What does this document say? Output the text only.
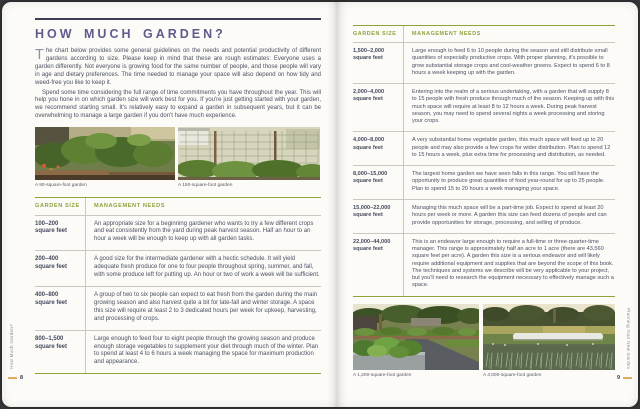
HOW MUCH GARDEN?

The chart below provides some general guidelines on the needs and potential productivity of different gardens according to size. Please keep in mind that these are rough estimates: Everyone uses a garden differently. Not everyone is growing food for the same number of people, and those people will vary in age and dietary preferences. The time needed to manage your space will also depend on how tidy and weed-free you like to keep it.

Spend some time considering the full range of time commitments you have throughout the year. This will help you hone in on which garden size will work best for you. If you're just getting started with your garden, we recommend starting small. It's relatively easy to expand a garden in subsequent years, but it can be overwhelming to manage a large garden if you don't have much experience.

A 90-square-foot garden	A 150-square-foot garden
GARDEN SIZE	MANAGEMENT NEEDS

100–200
square feet
	An appropriate size for a beginning gardener who wants to try a few different crops and eat consistently from the yard during peak harvest season. Half an hour to an hour a week will be enough to keep up with all garden tasks.

200–400
square feet
	A good size for the intermediate gardener with a hectic schedule. It will yield adequate fresh produce for one to four people throughout spring, summer, and fall, with some produce left for putting up. An hour or two of work a week will be sufficient.

400–800
square feet
	A group of two to six people can expect to eat fresh from the garden during the main growing season and also harvest quite a bit for late-fall and winter storage. A space this size will require at least 2 to 3 dedicated hours per week for upkeep, harvesting, and processing of crops.

800–1,500
square feet
	Large enough to feed four to eight people through the growing season and produce enough storage vegetables to supplement your diet through much of the winter. Plan to spend at least 4 to 6 hours a week managing the space for maximum production and appearance.
How Much Garden?
8
GARDEN SIZE	MANAGEMENT NEEDS

1,500–2,000
square feet
	Large enough to feed 6 to 10 people during the season and still distribute small quantities of especially productive crops. With proper planning, it's possible to grow substantial storage crops and cool-weather greens. Expect to spend 6 to 8 hours a week keeping up with the garden.

2,000–4,000
square feet
	Entering into the realm of a serious undertaking, with a garden that will supply 8 to 15 people with fresh produce through much of the season. Keeping up with this much space will require at least 8 to 12 hours a week. During peak harvest season, you may need to spend several nights a week processing and storing your crops.

4,000–8,000
square feet
	A very substantial home vegetable garden, this much space will feed up to 20 people and may also provide a few crops for wider distribution. Plan to spend 12 to 15 hours a week, plus extra time for processing and distribution, as needed.

8,000–15,000
square feet
	The largest home garden we have seen falls in this range. You will have the opportunity to produce great quantities of food year-round for up to 25 people. Plan to spend 15 to 20 hours a week managing your space.

15,000–22,000
square feet
	Managing this much space will be a part-time job. Expect to spend at least 20 hours per week or more. A garden this size can feed dozens of people and can provide opportunities for storage, processing, and selling of produce.

22,000–44,000
square feet
	This is an endeavor large enough to require a full-time or three-quarter-time manager. This range is approximately half an acre to 1 acre (there are 43,560 square feet per acre). A garden this size is a serious endeavor and will likely require additional equipment and supplies that are beyond the scope of this book. The techniques and systems we describe will be very applicable to your project, but you'll need to research the equipment necessary to effectively manage such a space.
A 1,200-square-foot garden	A 4,000-square-foot garden
Planning Your New Garden
9
